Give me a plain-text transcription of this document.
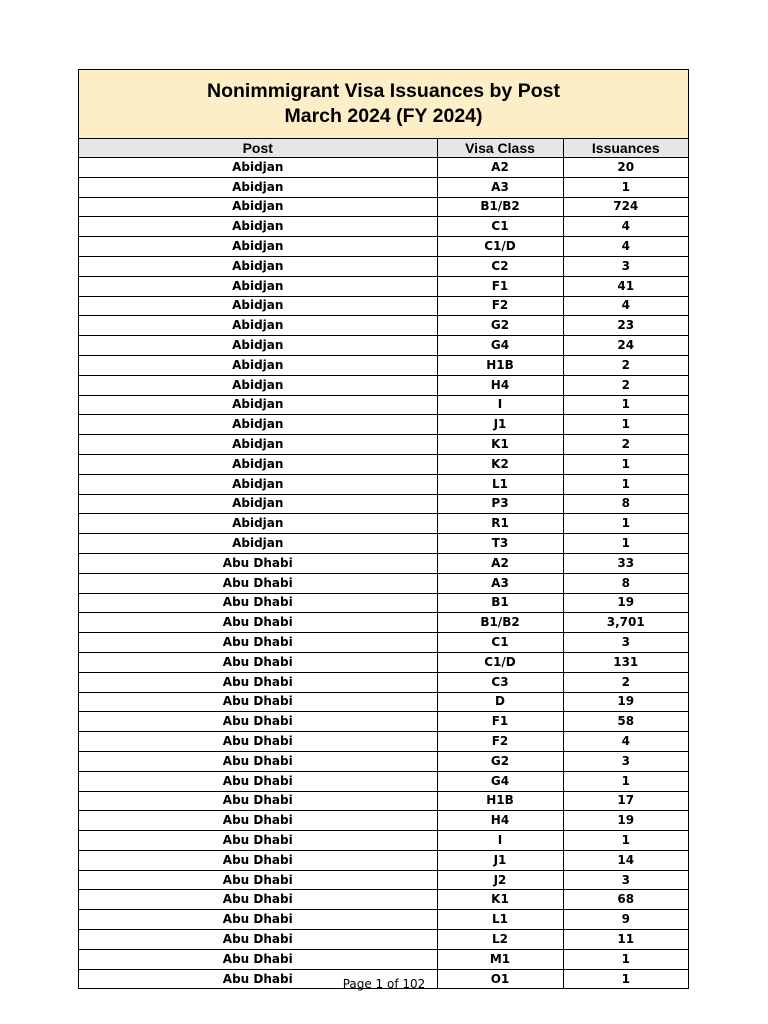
Nonimmigrant Visa Issuances by Post
March 2024 (FY 2024)
Post	Visa Class	Issuances
Abidjan	A2	20
Abidjan	A3	1
Abidjan	B1/B2	724
Abidjan	C1	4
Abidjan	C1/D	4
Abidjan	C2	3
Abidjan	F1	41
Abidjan	F2	4
Abidjan	G2	23
Abidjan	G4	24
Abidjan	H1B	2
Abidjan	H4	2
Abidjan	I	1
Abidjan	J1	1
Abidjan	K1	2
Abidjan	K2	1
Abidjan	L1	1
Abidjan	P3	8
Abidjan	R1	1
Abidjan	T3	1
Abu Dhabi	A2	33
Abu Dhabi	A3	8
Abu Dhabi	B1	19
Abu Dhabi	B1/B2	3,701
Abu Dhabi	C1	3
Abu Dhabi	C1/D	131
Abu Dhabi	C3	2
Abu Dhabi	D	19
Abu Dhabi	F1	58
Abu Dhabi	F2	4
Abu Dhabi	G2	3
Abu Dhabi	G4	1
Abu Dhabi	H1B	17
Abu Dhabi	H4	19
Abu Dhabi	I	1
Abu Dhabi	J1	14
Abu Dhabi	J2	3
Abu Dhabi	K1	68
Abu Dhabi	L1	9
Abu Dhabi	L2	11
Abu Dhabi	M1	1
Abu Dhabi	O1	1
Page 1 of 102
